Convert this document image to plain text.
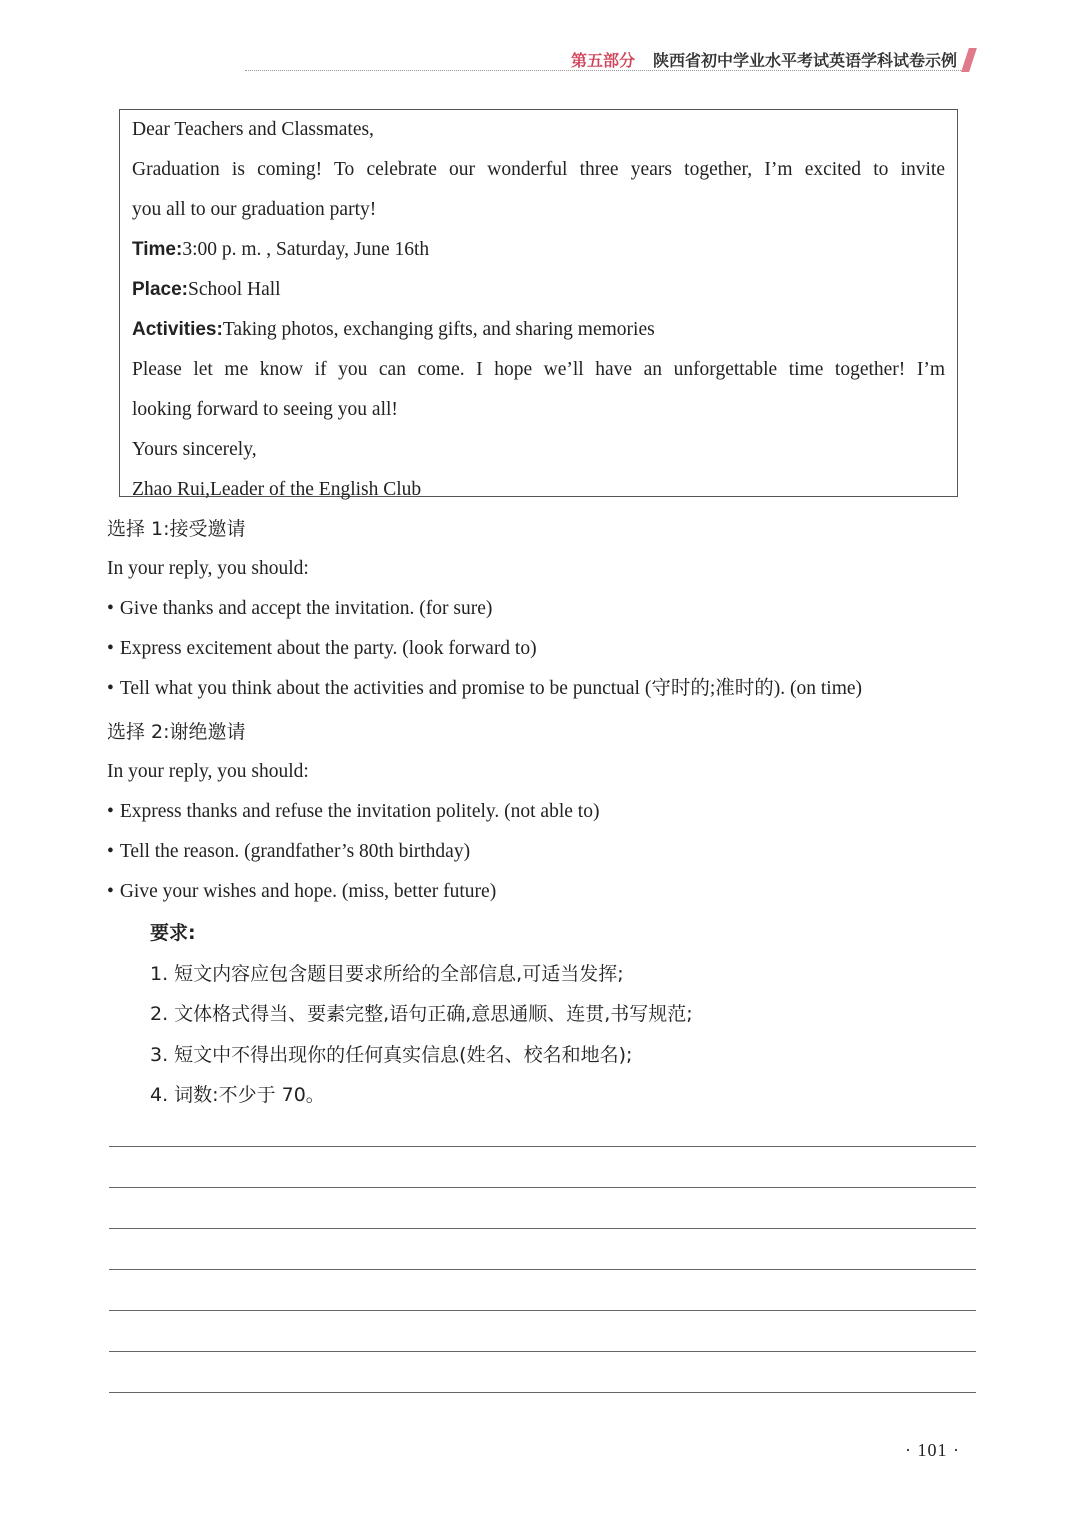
第五部分 陕西省初中学业水平考试英语学科试卷示例
Dear Teachers and Classmates,
Graduation is coming! To celebrate our wonderful three years together, I’m excited to invite
you all to our graduation party!
Time:3:00 p. m. , Saturday, June 16th
Place:School Hall
Activities:Taking photos, exchanging gifts, and sharing memories
Please let me know if you can come. I hope we’ll have an unforgettable time together! I’m
looking forward to seeing you all!
Yours sincerely,
Zhao Rui,Leader of the English Club
选择 1:接受邀请
In your reply, you should:
• Give thanks and accept the invitation. (for sure)
• Express excitement about the party. (look forward to)
• Tell what you think about the activities and promise to be punctual (守时的;准时的). (on time)
选择 2:谢绝邀请
In your reply, you should:
• Express thanks and refuse the invitation politely. (not able to)
• Tell the reason. (grandfather’s 80th birthday)
• Give your wishes and hope. (miss, better future)
要求:
1. 短文内容应包含题目要求所给的全部信息,可适当发挥;
2. 文体格式得当、要素完整,语句正确,意思通顺、连贯,书写规范;
3. 短文中不得出现你的任何真实信息(姓名、校名和地名);
4. 词数:不少于 70。
· 101 ·
